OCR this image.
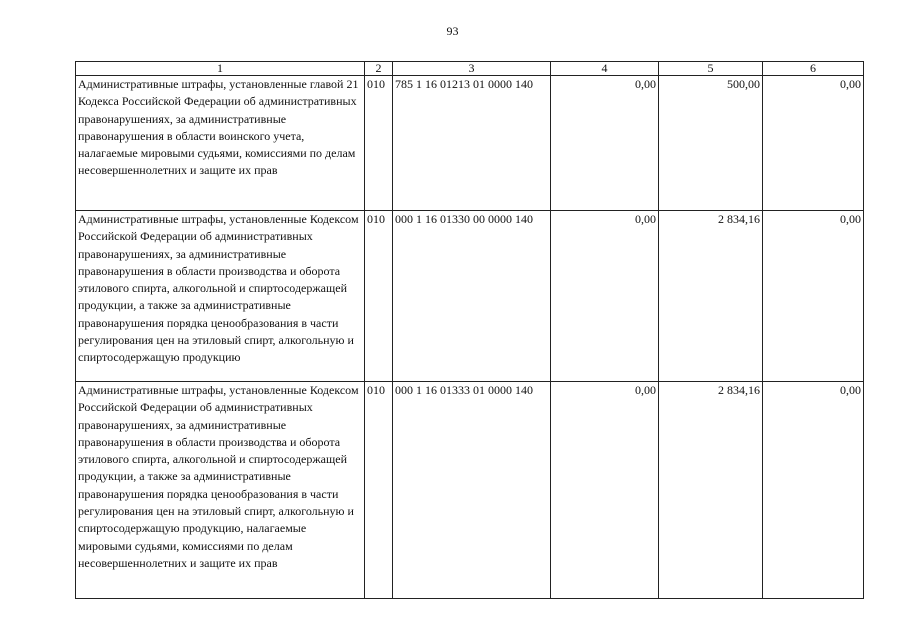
93
1	2	3	4	5	6
Административные штрафы, установленные главой 21 Кодекса Российской Федерации об административных правонарушениях, за административные правонарушения в области воинского учета, налагаемые мировыми судьями, комиссиями по делам несовершеннолетних и защите их прав	010	785 1 16 01213 01 0000 140	0,00	500,00	0,00
Административные штрафы, установленные Кодексом Российской Федерации об административных правонарушениях, за административные правонарушения в области производства и оборота этилового спирта, алкогольной и спиртосодержащей продукции, а также за административные правонарушения порядка ценообразования в части регулирования цен на этиловый спирт, алкогольную и спиртосодержащую продукцию	010	000 1 16 01330 00 0000 140	0,00	2 834,16	0,00
Административные штрафы, установленные Кодексом Российской Федерации об административных правонарушениях, за административные правонарушения в области производства и оборота этилового спирта, алкогольной и спиртосодержащей продукции, а также за административные правонарушения порядка ценообразования в части регулирования цен на этиловый спирт, алкогольную и спиртосодержащую продукцию, налагаемые мировыми судьями, комиссиями по делам несовершеннолетних и защите их прав	010	000 1 16 01333 01 0000 140	0,00	2 834,16	0,00
